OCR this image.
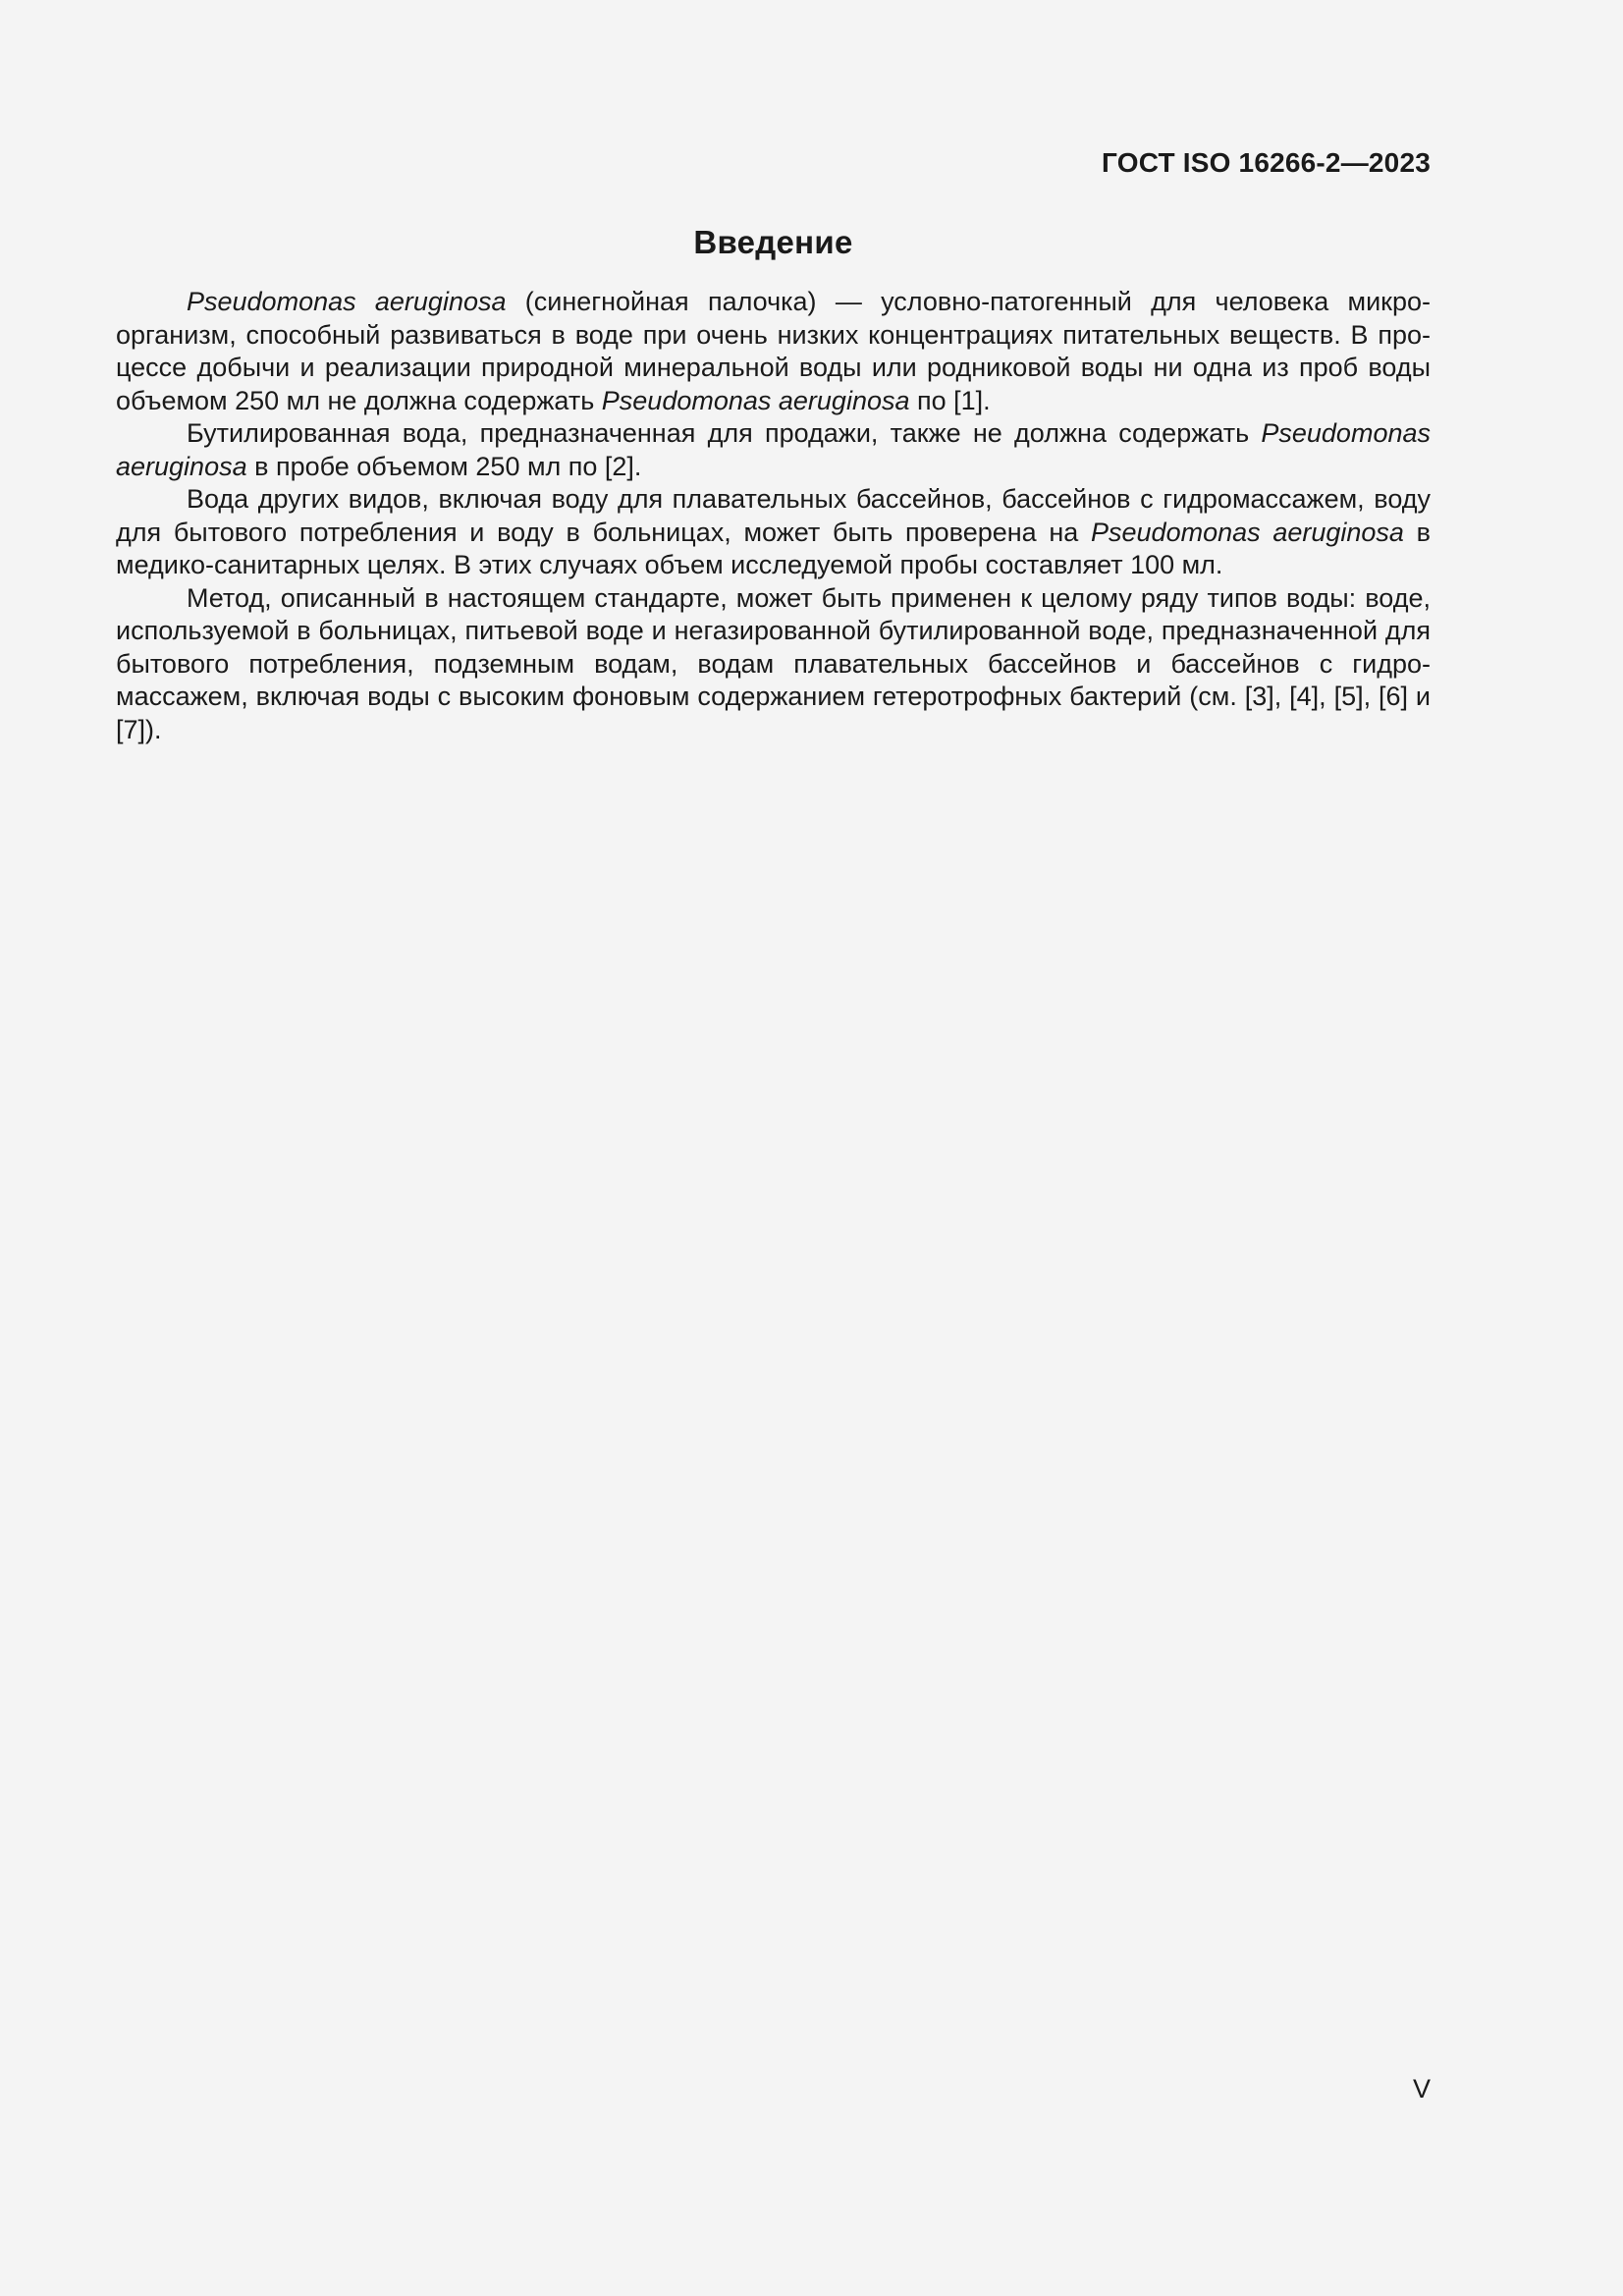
ГОСТ ISO 16266-2—2023
Введение

Pseudomonas aeruginosa (синегнойная палочка) — условно-патогенный для человека микро-организм, способный развиваться в воде при очень низких концентрациях питательных веществ. В про-цессе добычи и реализации природной минеральной воды или родниковой воды ни одна из проб воды объемом 250 мл не должна содержать Pseudomonas aeruginosa по [1].

Бутилированная вода, предназначенная для продажи, также не должна содержать Pseudomonas aeruginosa в пробе объемом 250 мл по [2].

Вода других видов, включая воду для плавательных бассейнов, бассейнов с гидромассажем, воду для бытового потребления и воду в больницах, может быть проверена на Pseudomonas aeruginosa в медико-санитарных целях. В этих случаях объем исследуемой пробы составляет 100 мл.

Метод, описанный в настоящем стандарте, может быть применен к целому ряду типов воды: воде, используемой в больницах, питьевой воде и негазированной бутилированной воде, предназначенной для бытового потребления, подземным водам, водам плавательных бассейнов и бассейнов с гидро-массажем, включая воды с высоким фоновым содержанием гетеротрофных бактерий (см. [3], [4], [5], [6] и [7]).

V
